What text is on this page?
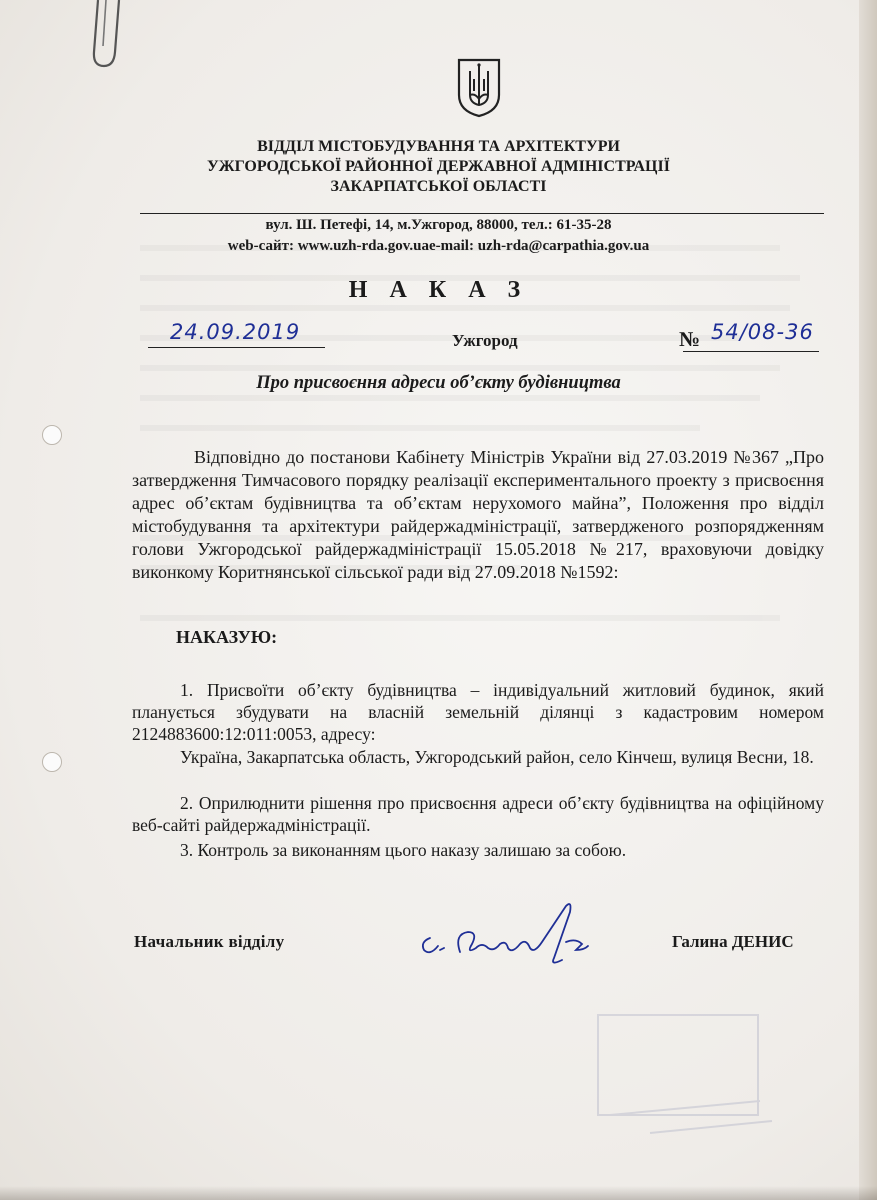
ВІДДІЛ МІСТОБУДУВАННЯ ТА АРХІТЕКТУРИ
УЖГОРОДСЬКОЇ РАЙОННОЇ ДЕРЖАВНОЇ АДМІНІСТРАЦІЇ
ЗАКАРПАТСЬКОЇ ОБЛАСТІ
вул. Ш. Петефі, 14, м.Ужгород, 88000, тел.: 61-35-28
web-сайт: www.uzh-rda.gov.uae-mail: uzh-rda@carpathia.gov.ua
Н А К А З
24.09.2019	Ужгород	№ 54/08-36
Про присвоєння адреси об’єкту будівництва
Відповідно до постанови Кабінету Міністрів України від 27.03.2019 №367 „Про затвердження Тимчасового порядку реалізації експериментального проекту з присвоєння адрес об’єктам будівництва та об’єктам нерухомого майна”, Положення про відділ містобудування та архітектури райдержадміністрації, затвердженого розпорядженням голови Ужгородської райдержадміністрації 15.05.2018 №217, враховуючи довідку виконкому Коритнянської сільської ради від 27.09.2018 №1592:
НАКАЗУЮ:
1. Присвоїти об’єкту будівництва – індивідуальний житловий будинок, який планується збудувати на власній земельній ділянці з кадастровим номером 2124883600:12:011:0053, адресу:
Україна, Закарпатська область, Ужгородський район, село Кінчеш, вулиця Весни, 18.
2. Оприлюднити рішення про присвоєння адреси об’єкту будівництва на офіційному веб-сайті райдержадміністрації.
3. Контроль за виконанням цього наказу залишаю за собою.
Начальник відділу	Галина ДЕНИС
